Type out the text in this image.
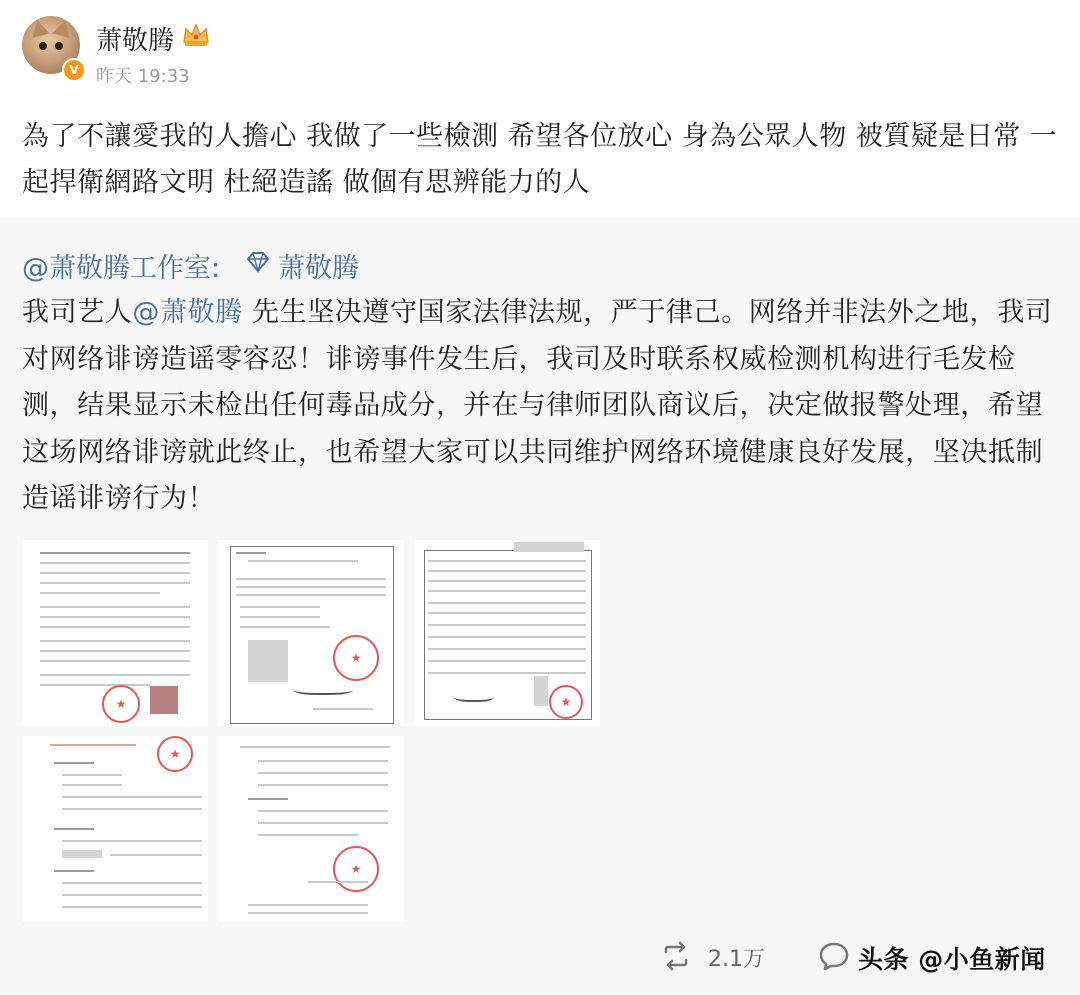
V
萧敬腾
昨天 19:33

為了不讓愛我的人擔心 我做了一些檢測 希望各位放心 身為公眾人物 被質疑是日常 一起捍衛網路文明 杜絕造謠 做個有思辨能力的人

@萧敬腾工作室: 萧敬腾

我司艺人@萧敬腾 先生坚决遵守国家法律法规，严于律己。网络并非法外之地，我司对网络诽谤造谣零容忍！诽谤事件发生后，我司及时联系权威检测机构进行毛发检测，结果显示未检出任何毒品成分，并在与律师团队商议后，决定做报警处理，希望这场网络诽谤就此终止，也希望大家可以共同维护网络环境健康良好发展，坚决抵制造谣诽谤行为！

★
★
★
★
★
2.1万	头条 @小鱼新闻
